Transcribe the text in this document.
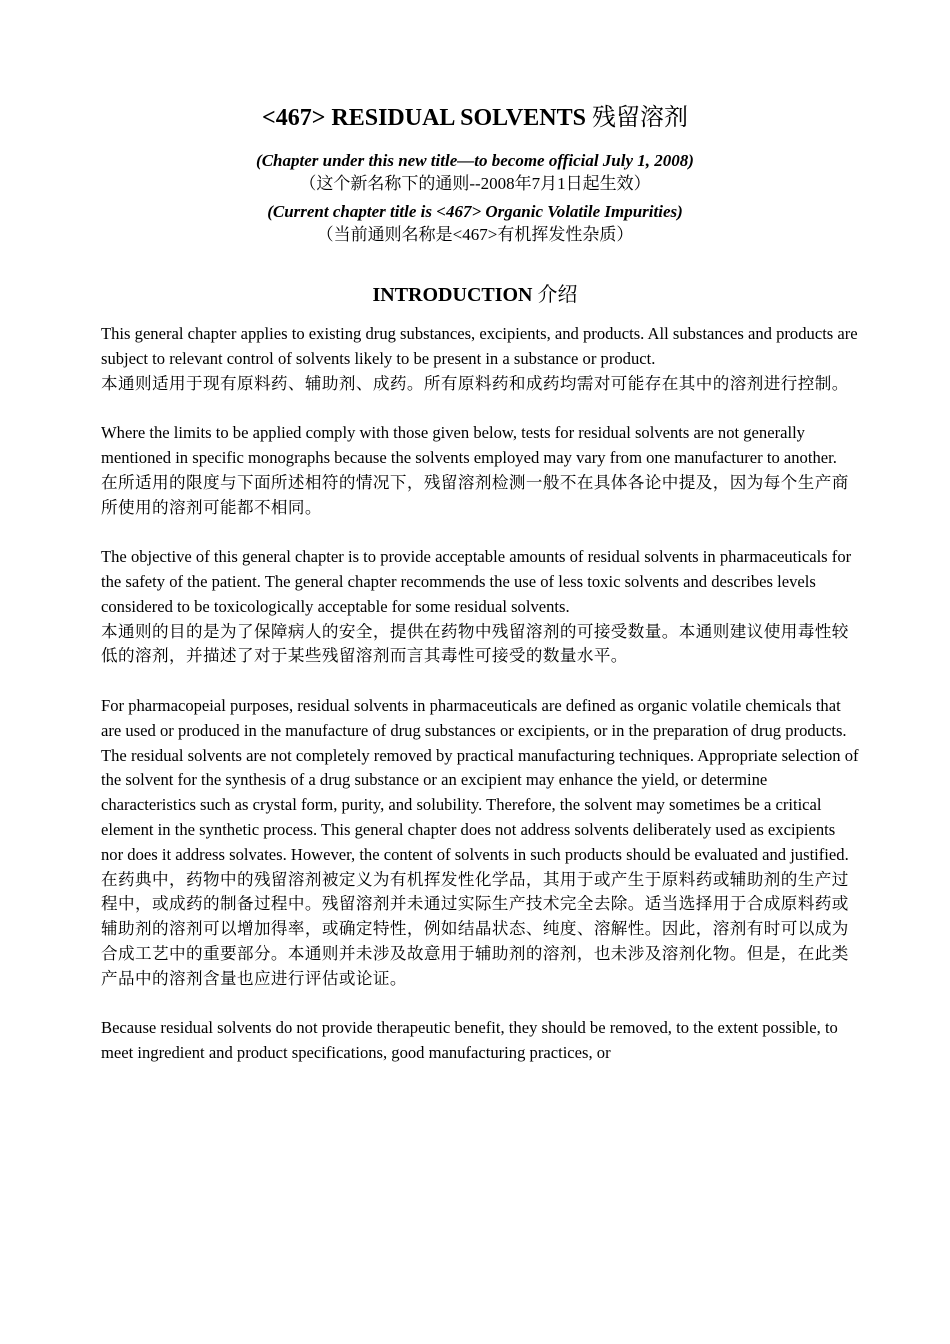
<467> RESIDUAL SOLVENTS 残留溶剂
(Chapter under this new title—to become official July 1, 2008)
（这个新名称下的通则--2008年7月1日起生效）
(Current chapter title is <467> Organic Volatile Impurities)
（当前通则名称是<467>有机挥发性杂质）
INTRODUCTION 介绍

This general chapter applies to existing drug substances, excipients, and products. All substances and products are subject to relevant control of solvents likely to be present in a substance or product.

本通则适用于现有原料药、辅助剂、成药。所有原料药和成药均需对可能存在其中的溶剂进行控制。

Where the limits to be applied comply with those given below, tests for residual solvents are not generally mentioned in specific monographs because the solvents employed may vary from one manufacturer to another.

在所适用的限度与下面所述相符的情况下，残留溶剂检测一般不在具体各论中提及，因为每个生产商所使用的溶剂可能都不相同。

The objective of this general chapter is to provide acceptable amounts of residual solvents in pharmaceuticals for the safety of the patient. The general chapter recommends the use of less toxic solvents and describes levels considered to be toxicologically acceptable for some residual solvents.

本通则的目的是为了保障病人的安全，提供在药物中残留溶剂的可接受数量。本通则建议使用毒性较低的溶剂，并描述了对于某些残留溶剂而言其毒性可接受的数量水平。

For pharmacopeial purposes, residual solvents in pharmaceuticals are defined as organic volatile chemicals that are used or produced in the manufacture of drug substances or excipients, or in the preparation of drug products. The residual solvents are not completely removed by practical manufacturing techniques. Appropriate selection of the solvent for the synthesis of a drug substance or an excipient may enhance the yield, or determine characteristics such as crystal form, purity, and solubility. Therefore, the solvent may sometimes be a critical element in the synthetic process. This general chapter does not address solvents deliberately used as excipients nor does it address solvates. However, the content of solvents in such products should be evaluated and justified.

在药典中，药物中的残留溶剂被定义为有机挥发性化学品，其用于或产生于原料药或辅助剂的生产过程中，或成药的制备过程中。残留溶剂并未通过实际生产技术完全去除。适当选择用于合成原料药或辅助剂的溶剂可以增加得率，或确定特性，例如结晶状态、纯度、溶解性。因此，溶剂有时可以成为合成工艺中的重要部分。本通则并未涉及故意用于辅助剂的溶剂，也未涉及溶剂化物。但是，在此类产品中的溶剂含量也应进行评估或论证。

Because residual solvents do not provide therapeutic benefit, they should be removed, to the extent possible, to meet ingredient and product specifications, good manufacturing practices, or
